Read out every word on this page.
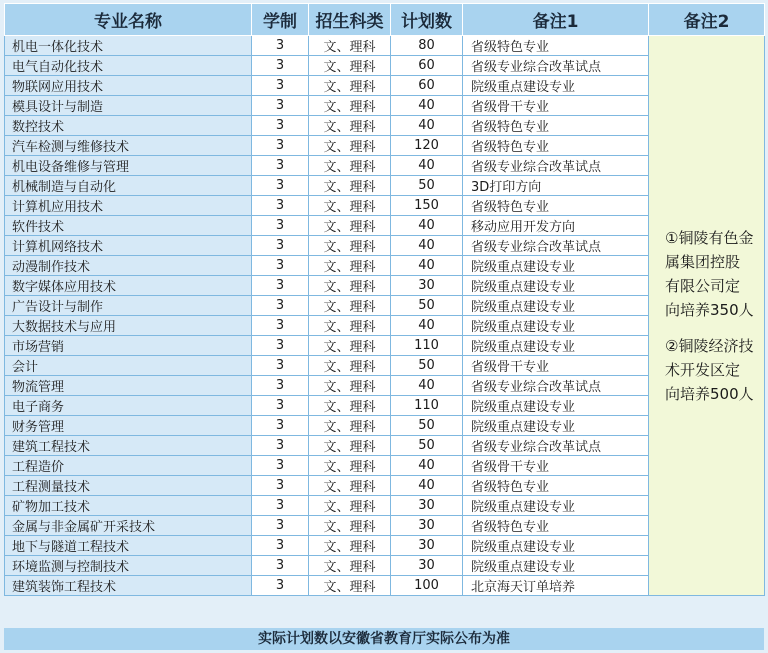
专业名称	学制	招生科类	计划数	备注1	备注2
机电一体化技术	3	文、理科	80	省级特色专业	①铜陵有色金属集团控股有限公司定向培养350人

②铜陵经济技术开发区定向培养500人

电气自动化技术	3	文、理科	60	省级专业综合改革试点	
物联网应用技术	3	文、理科	60	院级重点建设专业	
模具设计与制造	3	文、理科	40	省级骨干专业	
数控技术	3	文、理科	40	省级特色专业	
汽车检测与维修技术	3	文、理科	120	省级特色专业	
机电设备维修与管理	3	文、理科	40	省级专业综合改革试点	
机械制造与自动化	3	文、理科	50	3D打印方向	
计算机应用技术	3	文、理科	150	省级特色专业	
软件技术	3	文、理科	40	移动应用开发方向	
计算机网络技术	3	文、理科	40	省级专业综合改革试点	
动漫制作技术	3	文、理科	40	院级重点建设专业	
数字媒体应用技术	3	文、理科	30	院级重点建设专业	
广告设计与制作	3	文、理科	50	院级重点建设专业	
大数据技术与应用	3	文、理科	40	院级重点建设专业	
市场营销	3	文、理科	110	院级重点建设专业	
会计	3	文、理科	50	省级骨干专业	
物流管理	3	文、理科	40	省级专业综合改革试点	
电子商务	3	文、理科	110	院级重点建设专业	
财务管理	3	文、理科	50	院级重点建设专业	
建筑工程技术	3	文、理科	50	省级专业综合改革试点	
工程造价	3	文、理科	40	省级骨干专业	
工程测量技术	3	文、理科	40	省级特色专业	
矿物加工技术	3	文、理科	30	院级重点建设专业	
金属与非金属矿开采技术	3	文、理科	30	省级特色专业	
地下与隧道工程技术	3	文、理科	30	院级重点建设专业	
环境监测与控制技术	3	文、理科	30	院级重点建设专业	
建筑装饰工程技术	3	文、理科	100	北京海天订单培养	
实际计划数以安徽省教育厅实际公布为准
